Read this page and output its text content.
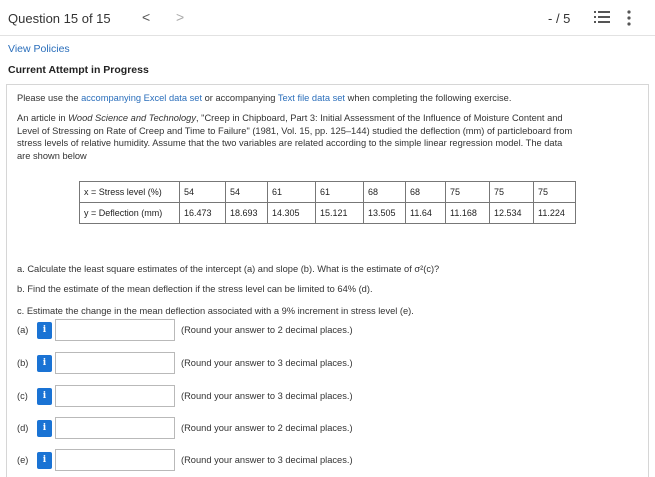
Question 15 of 15 < >	- / 5
View Policies
Current Attempt in Progress
Please use the accompanying Excel data set or accompanying Text file data set when completing the following exercise.
An article in Wood Science and Technology, "Creep in Chipboard, Part 3: Initial Assessment of the Influence of Moisture Content and
Level of Stressing on Rate of Creep and Time to Failure" (1981, Vol. 15, pp. 125–144) studied the deflection (mm) of particleboard from
stress levels of relative humidity. Assume that the two variables are related according to the simple linear regression model. The data
are shown below
x = Stress level (%)	54	54	61	61	68	68	75	75	75
y = Deflection (mm)	16.473	18.693	14.305	15.121	13.505	11.64	11.168	12.534	11.224
a. Calculate the least square estimates of the intercept (a) and slope (b). What is the estimate of σ²(c)?
b. Find the estimate of the mean deflection if the stress level can be limited to 64% (d).
c. Estimate the change in the mean deflection associated with a 9% increment in stress level (e).
(a)	i	(Round your answer to 2 decimal places.)
(b)	i	(Round your answer to 3 decimal places.)
(c)	i	(Round your answer to 3 decimal places.)
(d)	i	(Round your answer to 2 decimal places.)
(e)	i	(Round your answer to 3 decimal places.)
